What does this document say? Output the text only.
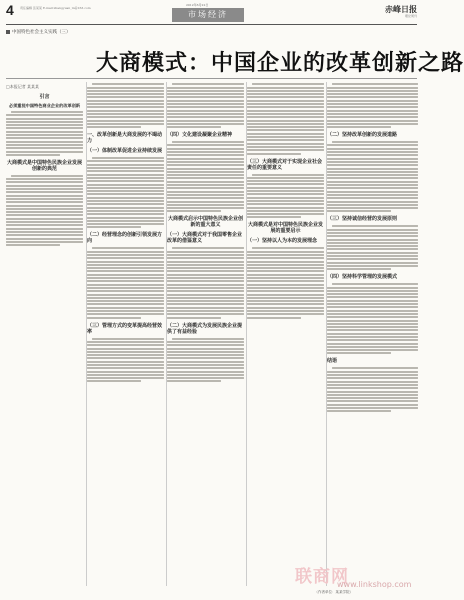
4 责任编辑 张某某 E-mail:zhangyuan_m@163.com
2012年6月22日
市场经济
赤峰日报
理论周刊
中国特色社会主义实践（三）
大商模式：中国企业的改革创新之路
□本报记者 某某某
引言
必须重视中国特色商业企业的改革创新
大商模式是中国特色民族企业发展创新的典范
一、改革创新是大商发展的不竭动力
（一）体制改革促进企业持续发展
（二）经营理念的创新引领发展方向
（三）管理方式的变革提高经营效率
（四）文化建设凝聚企业精神
大商模式启示中国特色民族企业创新的重大意义
（一）大商模式对于我国零售企业改革的借鉴意义
（二）大商模式为发展民族企业提供了有益经验
（三）大商模式对于实现企业社会责任的重要意义
大商模式是对中国特色民族企业发展的重要启示
（一）坚持以人为本的发展理念
（二）坚持改革创新的发展道路
（三）坚持诚信经营的发展原则
（四）坚持科学管理的发展模式
结语
（作者单位：某某学院）
联商网
www.linkshop.com
